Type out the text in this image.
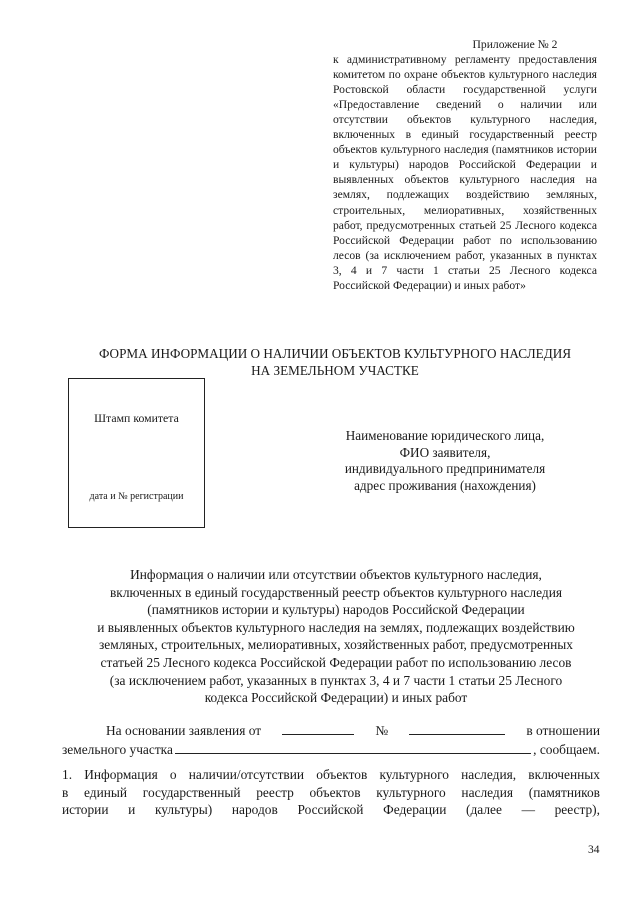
Приложение № 2
к административному регламенту предоставления комитетом по охране объектов культурного наследия Ростовской области государственной услуги «Предоставление сведений о наличии или отсутствии объектов культурного наследия, включенных в единый государственный реестр объектов культурного наследия (памятников истории и культуры) народов Российской Федерации и выявленных объектов культурного наследия на землях, подлежащих воздействию земляных, строительных, мелиоративных, хозяйственных работ, предусмотренных статьей 25 Лесного кодекса Российской Федерации работ по использованию лесов (за исключением работ, указанных в пунктах 3, 4 и 7 части 1 статьи 25 Лесного кодекса Российской Федерации) и иных работ»
ФОРМА ИНФОРМАЦИИ О НАЛИЧИИ ОБЪЕКТОВ КУЛЬТУРНОГО НАСЛЕДИЯ
НА ЗЕМЕЛЬНОМ УЧАСТКЕ
Штамп комитета
дата и № регистрации
Наименование юридического лица,
ФИО заявителя,
индивидуального предпринимателя
адрес проживания (нахождения)
Информация о наличии или отсутствии объектов культурного наследия,
включенных в единый государственный реестр объектов культурного наследия
(памятников истории и культуры) народов Российской Федерации
и выявленных объектов культурного наследия на землях, подлежащих воздействию
земляных, строительных, мелиоративных, хозяйственных работ, предусмотренных
статьей 25 Лесного кодекса Российской Федерации работ по использованию лесов
(за исключением работ, указанных в пунктах 3, 4 и 7 части 1 статьи 25 Лесного
кодекса Российской Федерации) и иных работ
На основании заявления от	№	в отношении
земельного участка	, сообщаем.
1. Информация о наличии/отсутствии объектов культурного наследия, включенных
в единый государственный реестр объектов культурного наследия (памятников
истории и культуры) народов Российской Федерации (далее — реестр),
34
